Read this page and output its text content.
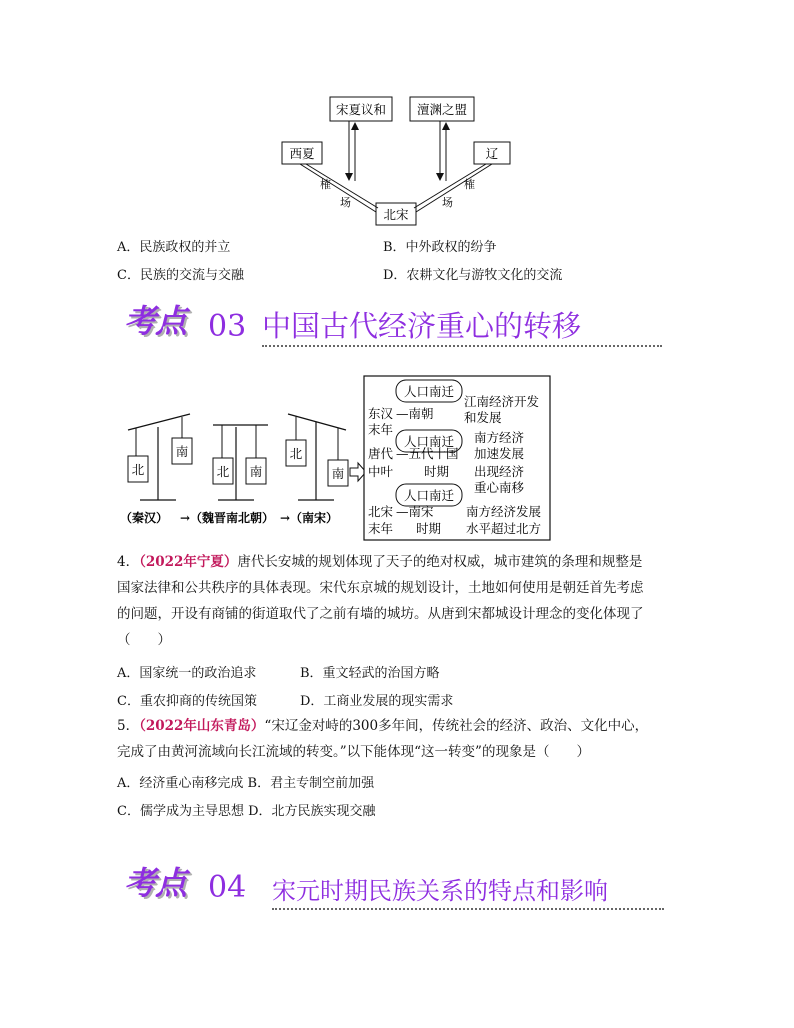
宋夏议和 澶渊之盟
西夏	辽
北宋
榷
场
榷
场
A．民族政权的并立	B．中外政权的纷争
C．民族的交流与交融	D．农耕文化与游牧文化的交流
考点 03 中国古代经济重心的转移
北
南
北 南
北
南
（秦汉） → （魏晋南北朝） → （南宋）
人口南迁
人口南迁
人口南迁
东汉
末年
—南朝
江南经济开发
和发展
唐代
中叶
—五代十国
时期
南方经济
加速发展
出现经济
重心南移
北宋
末年
—南宋
时期
南方经济发展
水平超过北方
4．（2022年宁夏）唐代长安城的规划体现了天子的绝对权威，城市建筑的条理和规整是
国家法律和公共秩序的具体表现。宋代东京城的规划设计，土地如何使用是朝廷首先考虑
的问题，开设有商铺的街道取代了之前有墙的城坊。从唐到宋都城设计理念的变化体现了
（　　）
A．国家统一的政治追求	B．重文轻武的治国方略
C．重农抑商的传统国策	D．工商业发展的现实需求
5．（2022年山东青岛）“宋辽金对峙的300多年间，传统社会的经济、政治、文化中心，
完成了由黄河流域向长江流域的转变。”以下能体现“这一转变”的现象是（　　）
A．经济重心南移完成 B．君主专制空前加强
C．儒学成为主导思想 D．北方民族实现交融
考点 04 宋元时期民族关系的特点和影响
